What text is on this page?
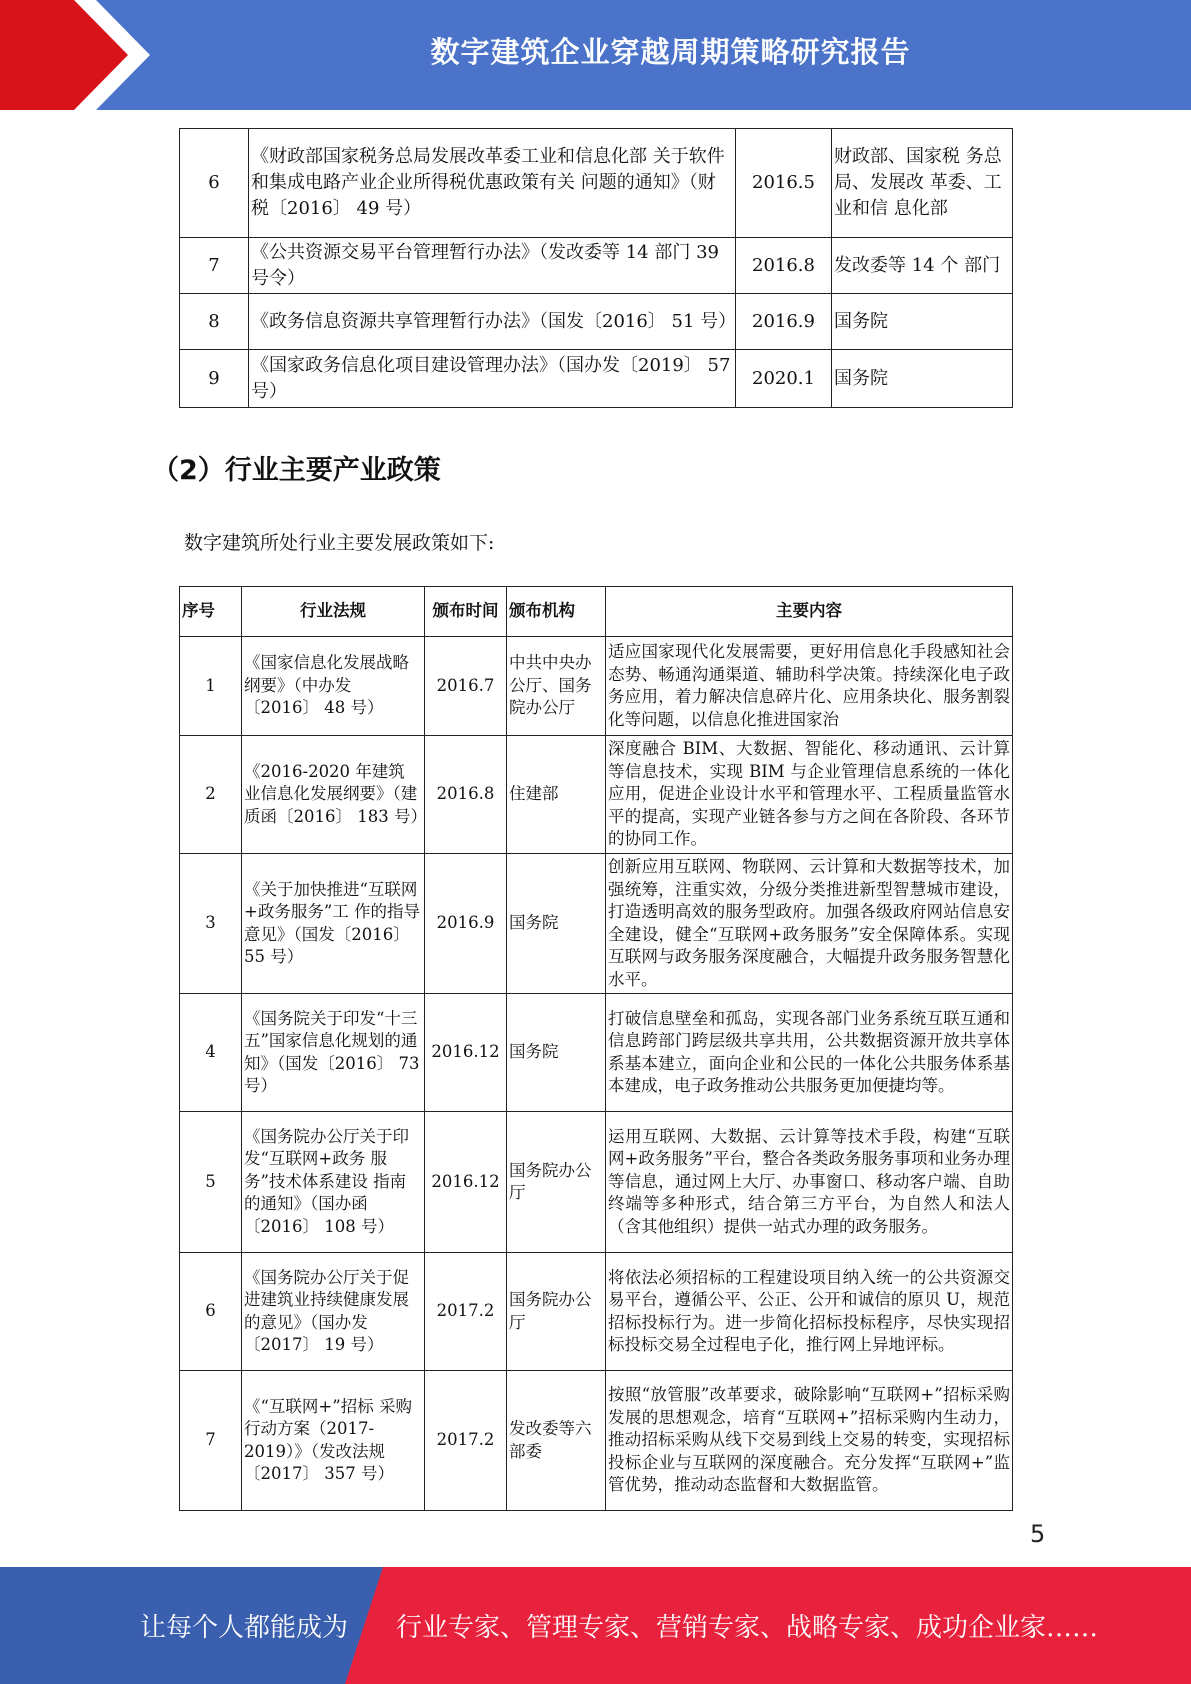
数字建筑企业穿越周期策略研究报告
6	《财政部国家税务总局发展改革委工业和信息化部 关于软件和集成电路产业企业所得税优惠政策有关 问题的通知》（财税〔2016〕 49 号）	2016.5	财政部、国家税 务总局、发展改 革委、工业和信 息化部
7	《公共资源交易平台管理暂行办法》（发改委等 14 部门 39 号令）	2016.8	发改委等 14 个 部门
8	《政务信息资源共享管理暂行办法》（国发〔2016〕 51 号）	2016.9	国务院
9	《国家政务信息化项目建设管理办法》（国办发〔2019〕 57 号）	2020.1	国务院
（2）行业主要产业政策

数字建筑所处行业主要发展政策如下:

序号	行业法规	颁布时间	颁布机构	主要内容
1	《国家信息化发展战略纲要》（中办发〔2016〕 48 号）	2016.7	中共中央办公厅、国务院办公厅	适应国家现代化发展需要，更好用信息化手段感知社会态势、畅通沟通渠道、辅助科学决策。持续深化电子政务应用，着力解决信息碎片化、应用条块化、服务割裂化等问题，以信息化推进国家治
2	《2016-2020 年建筑 业信息化发展纲要》（建质函〔2016〕 183 号）	2016.8	住建部	深度融合 BIM、大数据、智能化、移动通讯、云计算等信息技术，实现 BIM 与企业管理信息系统的一体化应用，促进企业设计水平和管理水平、工程质量监管水平的提高，实现产业链各参与方之间在各阶段、各环节的协同工作。
3	《关于加快推进“互联网+政务服务”工 作的指导意见》（国发〔2016〕 55 号）	2016.9	国务院	创新应用互联网、物联网、云计算和大数据等技术，加强统筹，注重实效，分级分类推进新型智慧城市建设，打造透明高效的服务型政府。加强各级政府网站信息安全建设，健全“互联网+政务服务”安全保障体系。实现互联网与政务服务深度融合，大幅提升政务服务智慧化水平。
4	《国务院关于印发“十三五”国家信息化规划的通知》（国发〔2016〕 73 号）	2016.12	国务院	打破信息壁垒和孤岛，实现各部门业务系统互联互通和信息跨部门跨层级共享共用，公共数据资源开放共享体系基本建立，面向企业和公民的一体化公共服务体系基本建成，电子政务推动公共服务更加便捷均等。
5	《国务院办公厅关于印发“互联网+政务 服务”技术体系建设 指南的通知》（国办函〔2016〕 108 号）	2016.12	国务院办公厅	运用互联网、大数据、云计算等技术手段，构建“互联网+政务服务”平台，整合各类政务服务事项和业务办理等信息，通过网上大厅、办事窗口、移动客户端、自助终端等多种形式，结合第三方平台，为自然人和法人（含其他组织）提供一站式办理的政务服务。
6	《国务院办公厅关于促进建筑业持续健康发展的意见》（国办发〔2017〕 19 号）	2017.2	国务院办公厅	将依法必须招标的工程建设项目纳入统一的公共资源交易平台，遵循公平、公正、公开和诚信的原贝 U，规范招标投标行为。进一步简化招标投标程序，尽快实现招标投标交易全过程电子化，推行网上异地评标。
7	《“互联网+”招标 采购行动方案（2017-2019）》（发改法规〔2017〕 357 号）	2017.2	发改委等六部委	按照“放管服”改革要求，破除影响“互联网+”招标采购发展的思想观念，培育“互联网+”招标采购内生动力，推动招标采购从线下交易到线上交易的转变，实现招标投标企业与互联网的深度融合。充分发挥“互联网+”监管优势，推动动态监督和大数据监管。
5
让每个人都能成为 行业专家、管理专家、营销专家、战略专家、成功企业家……
